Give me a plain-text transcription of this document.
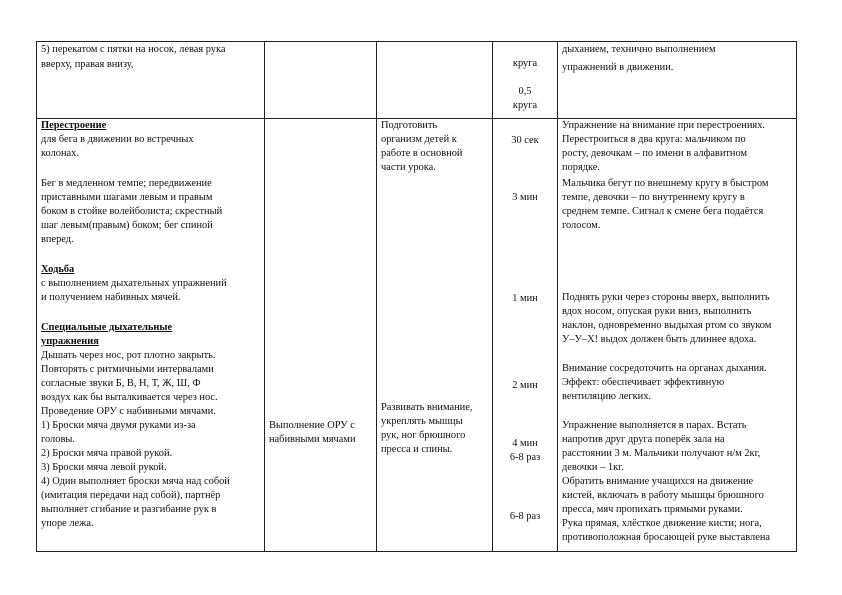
5) перекатом с пятки на носок, левая рука
вверху, правая внизу,	круга
0,5
круга
дыханием, технично выполнением
упражнений в движении.
Перестроение
для бега в движении во встречных
колонах.
Бег в медленном темпе; передвижение
приставными шагами левым и правым
боком в стойке волейболиста; скрестный
шаг левым(правым) боком; бег спиной
вперед.
Ходьба
с выполнением дыхательных упражнений
и получением набивных мячей.
Специальные дыхательные
упражнения
Дышать через нос, рот плотно закрыть.
Повторять с ритмичными интервалами
согласные звуки Б, В, Н, Т, Ж, Ш, Ф
воздух как бы выталкивается через нос.
Проведение ОРУ с набивными мячами.
1) Броски мяча двумя руками из-за
головы.
2) Броски мяча правой рукой.
3) Броски мяча левой рукой.
4) Один выполняет броски мяча над собой
(имитация передачи над собой), партнёр
выполняет сгибание и разгибание рук в
упоре лежа.
Выполнение ОРУ с
набивными мячами
Подготовить
организм детей к
работе в основной
части урока.
Развивать внимание,
укреплять мышцы
рук, ног брюшного
пресса и спины.
30 сек
3 мин
1 мин
2 мин
4 мин
6-8 раз
6-8 раз
Упражнение на внимание при перестроениях.
Перестроиться в два круга: мальчиком по
росту, девочкам – по имени в алфавитном
порядке.
Мальчика бегут по внешнему кругу в быстром
темпе, девочки – по внутреннему кругу в
среднем темпе. Сигнал к смене бега подаётся
голосом.
Поднять руки через стороны вверх, выполнить
вдох носом, опуская руки вниз, выполнить
наклон, одновременно выдыхая ртом со звуком
У–У–Х! выдох должен быть длиннее вдоха.
Внимание сосредоточить на органах дыхания.
Эффект: обеспечивает эффективную
вентиляцию легких.
Упражнение выполняется в парах. Встать
напротив друг друга поперёк зала на
расстоянии 3 м. Мальчики получают н/м 2кг,
девочки – 1кг.
Обратить внимание учащихся на движение
кистей, включать в работу мышцы брюшного
пресса, мяч пропихать прямыми руками.
Рука прямая, хлёсткое движение кисти; нога,
противоположная бросающей руке выставлена
